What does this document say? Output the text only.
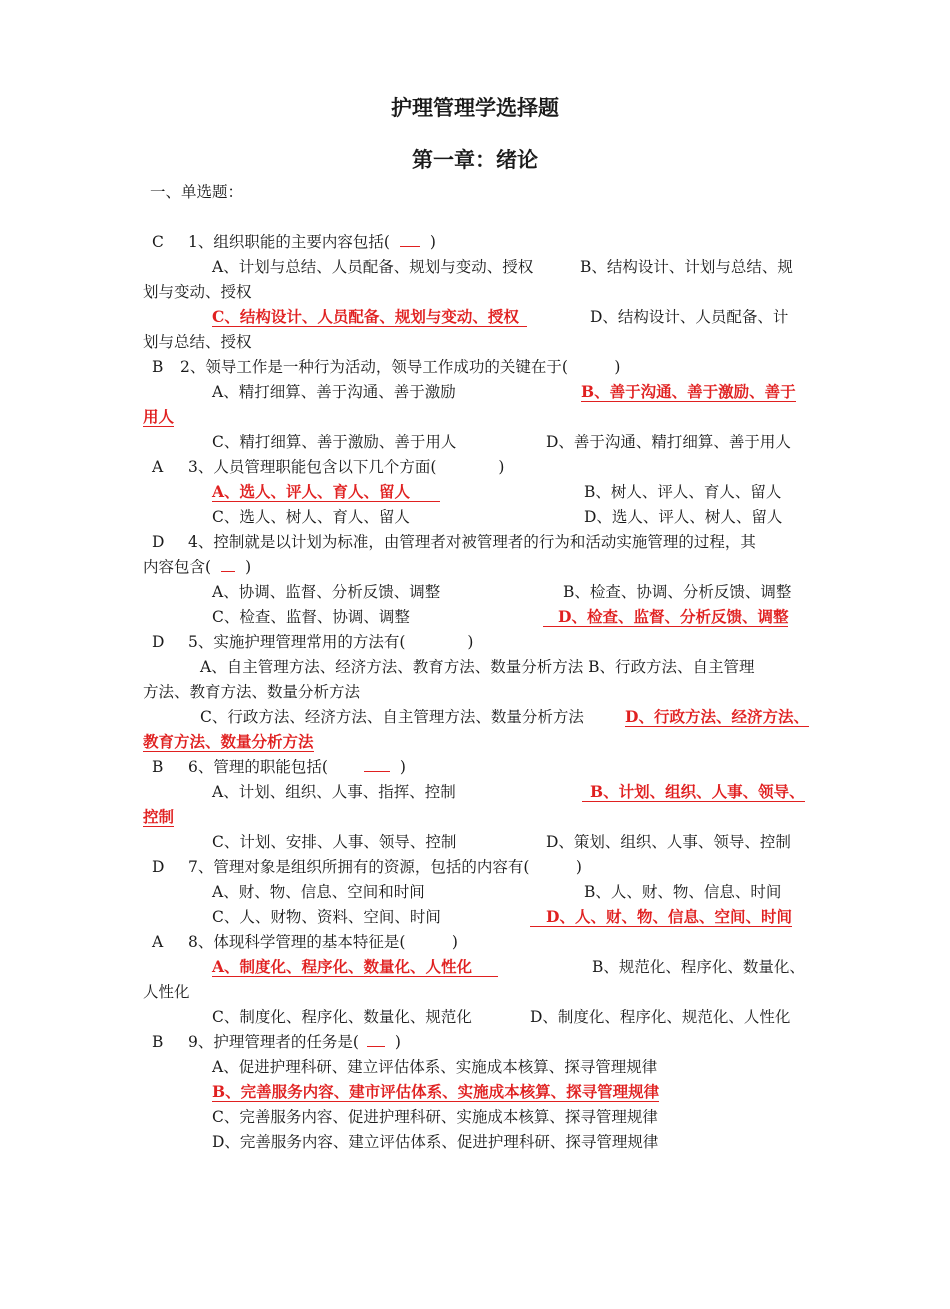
护理管理学选择题
第一章：绪论
一、单选题：
C 1、组织职能的主要内容包括(	)
A、计划与总结、人员配备、规划与变动、授权	B、结构设计、计划与总结、规
划与变动、授权
C、结构设计、人员配备、规划与变动、授权	D、结构设计、人员配备、计
划与总结、授权
B 2、领导工作是一种行为活动，领导工作成功的关键在于(　　　)
A、精打细算、善于沟通、善于激励	B、善于沟通、善于激励、善于
用人
C、精打细算、善于激励、善于用人	D、善于沟通、精打细算、善于用人
A 3、人员管理职能包含以下几个方面(　　　　)
A、选人、评人、育人、留人	B、树人、评人、育人、留人
C、选人、树人、育人、留人	D、选人、评人、树人、留人
D 4、控制就是以计划为标准，由管理者对被管理者的行为和活动实施管理的过程，其
内容包含( )
A、协调、监督、分析反馈、调整	B、检查、协调、分析反馈、调整
C、检查、监督、协调、调整	D、检查、监督、分析反馈、调整
D 5、实施护理管理常用的方法有(　　　　)
A、自主管理方法、经济方法、教育方法、数量分析方法 B、行政方法、自主管理
方法、教育方法、数量分析方法
C、行政方法、经济方法、自主管理方法、数量分析方法	D、行政方法、经济方法、
教育方法、数量分析方法
B 6、管理的职能包括(	)
A、计划、组织、人事、指挥、控制	B、计划、组织、人事、领导、
控制
C、计划、安排、人事、领导、控制	D、策划、组织、人事、领导、控制
D 7、管理对象是组织所拥有的资源，包括的内容有(　　　)
A、财、物、信息、空间和时间	B、人、财、物、信息、时间
C、人、财物、资料、空间、时间	D、人、财、物、信息、空间、时间
A 8、体现科学管理的基本特征是(　　　)
A、制度化、程序化、数量化、人性化	B、规范化、程序化、数量化、
人性化
C、制度化、程序化、数量化、规范化	D、制度化、程序化、规范化、人性化
B 9、护理管理者的任务是( )
A、促进护理科研、建立评估体系、实施成本核算、探寻管理规律
B、完善服务内容、建市评估体系、实施成本核算、探寻管理规律
C、完善服务内容、促进护理科研、实施成本核算、探寻管理规律
D、完善服务内容、建立评估体系、促进护理科研、探寻管理规律
